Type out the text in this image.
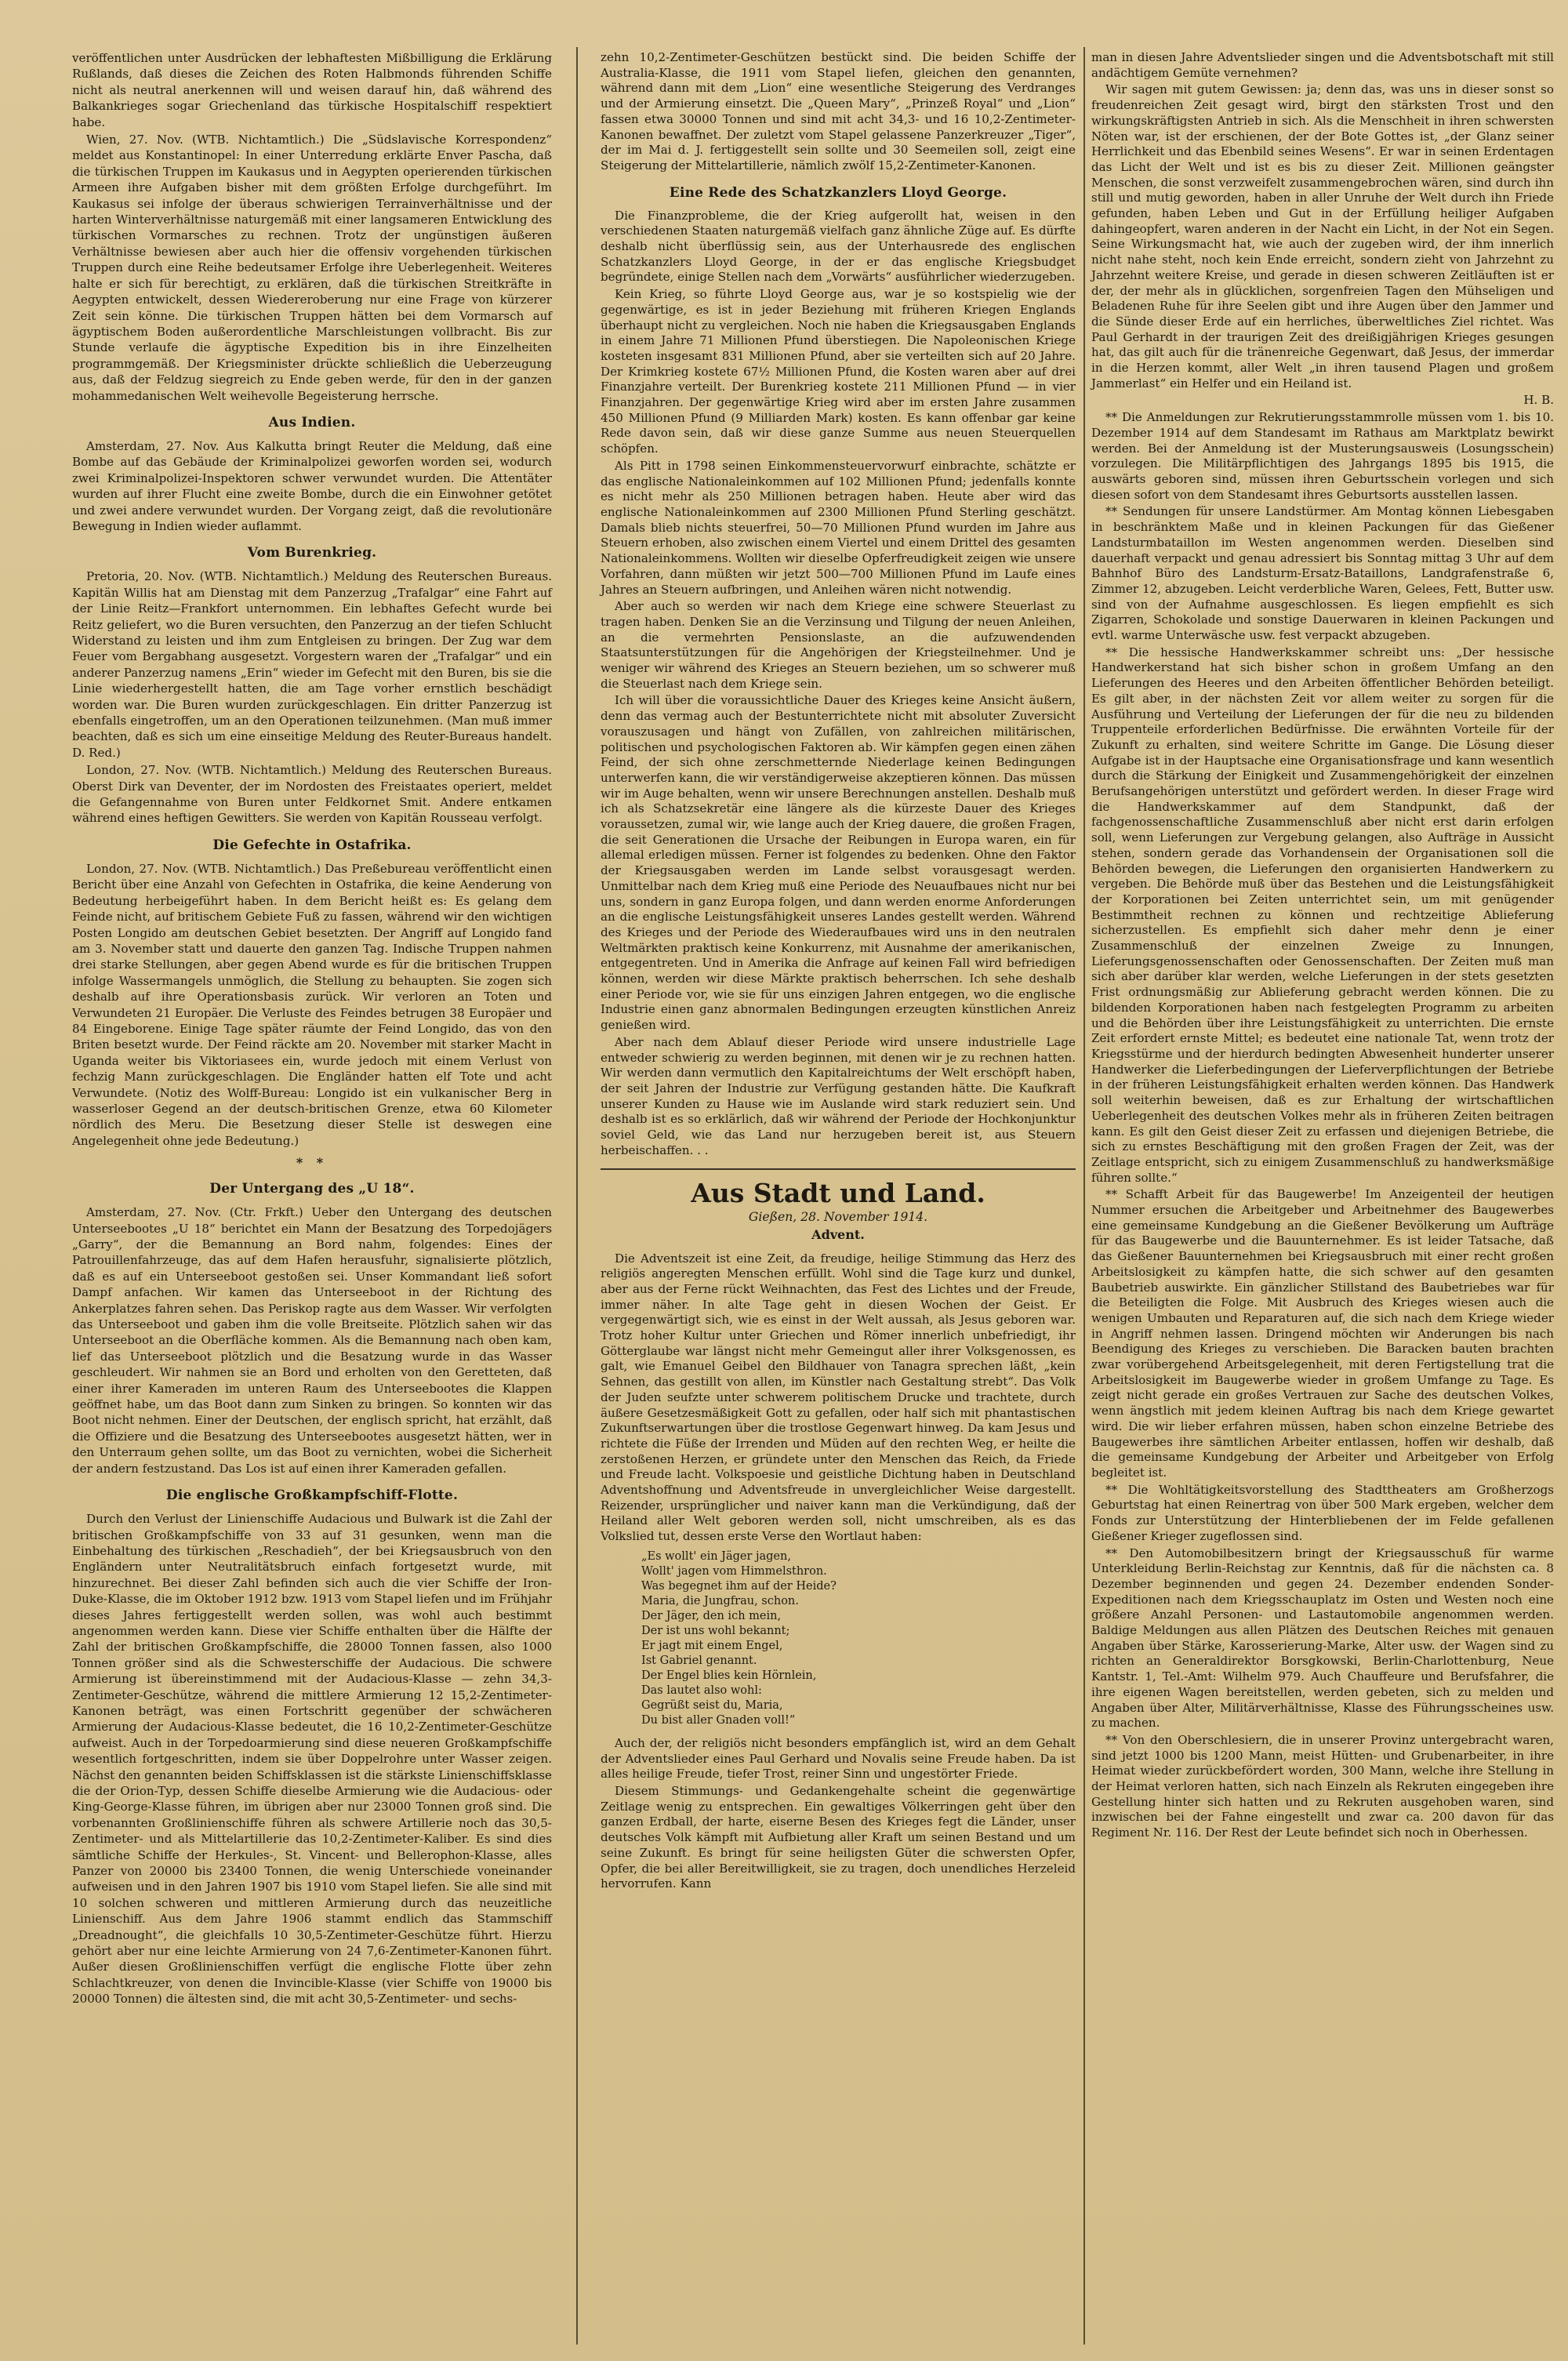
veröffentlichen unter Ausdrücken der lebhaftesten Mißbilligung die Erklärung Rußlands, daß dieses die Zeichen des Roten Halbmonds führenden Schiffe nicht als neutral anerkennen will und weisen darauf hin, daß während des Balkankrieges sogar Griechenland das türkische Hospitalschiff respektiert habe.

Wien, 27. Nov. (WTB. Nichtamtlich.) Die „Südslavische Korrespondenz“ meldet aus Konstantinopel: In einer Unterredung erklärte Enver Pascha, daß die türkischen Truppen im Kaukasus und in Aegypten operierenden türkischen Armeen ihre Aufgaben bisher mit dem größten Erfolge durchgeführt. Im Kaukasus sei infolge der überaus schwierigen Terrainverhältnisse und der harten Winterverhältnisse naturgemäß mit einer langsameren Entwicklung des türkischen Vormarsches zu rechnen. Trotz der ungünstigen äußeren Verhältnisse bewiesen aber auch hier die offensiv vorgehenden türkischen Truppen durch eine Reihe bedeutsamer Erfolge ihre Ueberlegenheit. Weiteres halte er sich für berechtigt, zu erklären, daß die türkischen Streitkräfte in Aegypten entwickelt, dessen Wiedereroberung nur eine Frage von kürzerer Zeit sein könne. Die türkischen Truppen hätten bei dem Vormarsch auf ägyptischem Boden außerordentliche Marschleistungen vollbracht. Bis zur Stunde verlaufe die ägyptische Expedition bis in ihre Einzelheiten programmgemäß. Der Kriegsminister drückte schließlich die Ueberzeugung aus, daß der Feldzug siegreich zu Ende geben werde, für den in der ganzen mohammedanischen Welt weihevolle Begeisterung herrsche.

Aus Indien.

Amsterdam, 27. Nov. Aus Kalkutta bringt Reuter die Meldung, daß eine Bombe auf das Gebäude der Kriminalpolizei geworfen worden sei, wodurch zwei Kriminalpolizei-Inspektoren schwer verwundet wurden. Die Attentäter wurden auf ihrer Flucht eine zweite Bombe, durch die ein Einwohner getötet und zwei andere verwundet wurden. Der Vorgang zeigt, daß die revolutionäre Bewegung in Indien wieder auflammt.

Vom Burenkrieg.

Pretoria, 20. Nov. (WTB. Nichtamtlich.) Meldung des Reuterschen Bureaus. Kapitän Willis hat am Dienstag mit dem Panzerzug „Trafalgar“ eine Fahrt auf der Linie Reitz—Frankfort unternommen. Ein lebhaftes Gefecht wurde bei Reitz geliefert, wo die Buren versuchten, den Panzerzug an der tiefen Schlucht Widerstand zu leisten und ihm zum Entgleisen zu bringen. Der Zug war dem Feuer vom Bergabhang ausgesetzt. Vorgestern waren der „Trafalgar“ und ein anderer Panzerzug namens „Erin“ wieder im Gefecht mit den Buren, bis sie die Linie wiederhergestellt hatten, die am Tage vorher ernstlich beschädigt worden war. Die Buren wurden zurückgeschlagen. Ein dritter Panzerzug ist ebenfalls eingetroffen, um an den Operationen teilzunehmen. (Man muß immer beachten, daß es sich um eine einseitige Meldung des Reuter-Bureaus handelt. D. Red.)

London, 27. Nov. (WTB. Nichtamtlich.) Meldung des Reuterschen Bureaus. Oberst Dirk van Deventer, der im Nordosten des Freistaates operiert, meldet die Gefangennahme von Buren unter Feldkornet Smit. Andere entkamen während eines heftigen Gewitters. Sie werden von Kapitän Rousseau verfolgt.

Die Gefechte in Ostafrika.

London, 27. Nov. (WTB. Nichtamtlich.) Das Preßebureau veröffentlicht einen Bericht über eine Anzahl von Gefechten in Ostafrika, die keine Aenderung von Bedeutung herbeigeführt haben. In dem Bericht heißt es: Es gelang dem Feinde nicht, auf britischem Gebiete Fuß zu fassen, während wir den wichtigen Posten Longido am deutschen Gebiet besetzten. Der Angriff auf Longido fand am 3. November statt und dauerte den ganzen Tag. Indische Truppen nahmen drei starke Stellungen, aber gegen Abend wurde es für die britischen Truppen infolge Wassermangels unmöglich, die Stellung zu behaupten. Sie zogen sich deshalb auf ihre Operationsbasis zurück. Wir verloren an Toten und Verwundeten 21 Europäer. Die Verluste des Feindes betrugen 38 Europäer und 84 Eingeborene. Einige Tage später räumte der Feind Longido, das von den Briten besetzt wurde. Der Feind räckte am 20. November mit starker Macht in Uganda weiter bis Viktoriasees ein, wurde jedoch mit einem Verlust von fechzig Mann zurückgeschlagen. Die Engländer hatten elf Tote und acht Verwundete. (Notiz des Wolff-Bureau: Longido ist ein vulkanischer Berg in wasserloser Gegend an der deutsch-britischen Grenze, etwa 60 Kilometer nördlich des Meru. Die Besetzung dieser Stelle ist deswegen eine Angelegenheit ohne jede Bedeutung.)

* *
Der Untergang des „U 18“.

Amsterdam, 27. Nov. (Ctr. Frkft.) Ueber den Untergang des deutschen Unterseebootes „U 18“ berichtet ein Mann der Besatzung des Torpedojägers „Garry“, der die Bemannung an Bord nahm, folgendes: Eines der Patrouillenfahrzeuge, das auf dem Hafen herausfuhr, signalisierte plötzlich, daß es auf ein Unterseeboot gestoßen sei. Unser Kommandant ließ sofort Dampf anfachen. Wir kamen das Unterseeboot in der Richtung des Ankerplatzes fahren sehen. Das Periskop ragte aus dem Wasser. Wir verfolgten das Unterseeboot und gaben ihm die volle Breitseite. Plötzlich sahen wir das Unterseeboot an die Oberfläche kommen. Als die Bemannung nach oben kam, lief das Unterseeboot plötzlich und die Besatzung wurde in das Wasser geschleudert. Wir nahmen sie an Bord und erholten von den Geretteten, daß einer ihrer Kameraden im unteren Raum des Unterseebootes die Klappen geöffnet habe, um das Boot dann zum Sinken zu bringen. So konnten wir das Boot nicht nehmen. Einer der Deutschen, der englisch spricht, hat erzählt, daß die Offiziere und die Besatzung des Unterseebootes ausgesetzt hätten, wer in den Unterraum gehen sollte, um das Boot zu vernichten, wobei die Sicherheit der andern festzustand. Das Los ist auf einen ihrer Kameraden gefallen.

Die englische Großkampfschiff-Flotte.

Durch den Verlust der Linienschiffe Audacious und Bulwark ist die Zahl der britischen Großkampfschiffe von 33 auf 31 gesunken, wenn man die Einbehaltung des türkischen „Reschadieh“, der bei Kriegsausbruch von den Engländern unter Neutralitätsbruch einfach fortgesetzt wurde, mit hinzurechnet. Bei dieser Zahl befinden sich auch die vier Schiffe der Iron-Duke-Klasse, die im Oktober 1912 bzw. 1913 vom Stapel liefen und im Frühjahr dieses Jahres fertiggestellt werden sollen, was wohl auch bestimmt angenommen werden kann. Diese vier Schiffe enthalten über die Hälfte der Zahl der britischen Großkampfschiffe, die 28000 Tonnen fassen, also 1000 Tonnen größer sind als die Schwesterschiffe der Audacious. Die schwere Armierung ist übereinstimmend mit der Audacious-Klasse — zehn 34,3-Zentimeter-Geschütze, während die mittlere Armierung 12 15,2-Zentimeter-Kanonen beträgt, was einen Fortschritt gegenüber der schwächeren Armierung der Audacious-Klasse bedeutet, die 16 10,2-Zentimeter-Geschütze aufweist. Auch in der Torpedoarmierung sind diese neueren Großkampfschiffe wesentlich fortgeschritten, indem sie über Doppelrohre unter Wasser zeigen. Nächst den genannten beiden Schiffsklassen ist die stärkste Linienschiffsklasse die der Orion-Typ, dessen Schiffe dieselbe Armierung wie die Audacious- oder King-George-Klasse führen, im übrigen aber nur 23000 Tonnen groß sind. Die vorbenannten Großlinienschiffe führen als schwere Artillerie noch das 30,5-Zentimeter- und als Mittelartillerie das 10,2-Zentimeter-Kaliber. Es sind dies sämtliche Schiffe der Herkules-, St. Vincent- und Bellerophon-Klasse, alles Panzer von 20000 bis 23400 Tonnen, die wenig Unterschiede voneinander aufweisen und in den Jahren 1907 bis 1910 vom Stapel liefen. Sie alle sind mit 10 solchen schweren und mittleren Armierung durch das neuzeitliche Linienschiff. Aus dem Jahre 1906 stammt endlich das Stammschiff „Dreadnought“, die gleichfalls 10 30,5-Zentimeter-Geschütze führt. Hierzu gehört aber nur eine leichte Armierung von 24 7,6-Zentimeter-Kanonen führt. Außer diesen Großlinienschiffen verfügt die englische Flotte über zehn Schlachtkreuzer, von denen die Invincible-Klasse (vier Schiffe von 19000 bis 20000 Tonnen) die ältesten sind, die mit acht 30,5-Zentimeter- und sechs-

zehn 10,2-Zentimeter-Geschützen bestückt sind. Die beiden Schiffe der Australia-Klasse, die 1911 vom Stapel liefen, gleichen den genannten, während dann mit dem „Lion“ eine wesentliche Steigerung des Verdranges und der Armierung einsetzt. Die „Queen Mary“, „Prinzeß Royal“ und „Lion“ fassen etwa 30000 Tonnen und sind mit acht 34,3- und 16 10,2-Zentimeter-Kanonen bewaffnet. Der zuletzt vom Stapel gelassene Panzerkreuzer „Tiger“, der im Mai d. J. fertiggestellt sein sollte und 30 Seemeilen soll, zeigt eine Steigerung der Mittelartillerie, nämlich zwölf 15,2-Zentimeter-Kanonen.

Eine Rede des Schatzkanzlers Lloyd George.

Die Finanzprobleme, die der Krieg aufgerollt hat, weisen in den verschiedenen Staaten naturgemäß vielfach ganz ähnliche Züge auf. Es dürfte deshalb nicht überflüssig sein, aus der Unterhausrede des englischen Schatzkanzlers Lloyd George, in der er das englische Kriegsbudget begründete, einige Stellen nach dem „Vorwärts“ ausführlicher wiederzugeben.

Kein Krieg, so führte Lloyd George aus, war je so kostspielig wie der gegenwärtige, es ist in jeder Beziehung mit früheren Kriegen Englands überhaupt nicht zu vergleichen. Noch nie haben die Kriegsausgaben Englands in einem Jahre 71 Millionen Pfund überstiegen. Die Napoleonischen Kriege kosteten insgesamt 831 Millionen Pfund, aber sie verteilten sich auf 20 Jahre. Der Krimkrieg kostete 67½ Millionen Pfund, die Kosten waren aber auf drei Finanzjahre verteilt. Der Burenkrieg kostete 211 Millionen Pfund — in vier Finanzjahren. Der gegenwärtige Krieg wird aber im ersten Jahre zusammen 450 Millionen Pfund (9 Milliarden Mark) kosten. Es kann offenbar gar keine Rede davon sein, daß wir diese ganze Summe aus neuen Steuerquellen schöpfen.

Als Pitt in 1798 seinen Einkommensteuervorwurf einbrachte, schätzte er das englische Nationaleinkommen auf 102 Millionen Pfund; jedenfalls konnte es nicht mehr als 250 Millionen betragen haben. Heute aber wird das englische Nationaleinkommen auf 2300 Millionen Pfund Sterling geschätzt. Damals blieb nichts steuerfrei, 50—70 Millionen Pfund wurden im Jahre aus Steuern erhoben, also zwischen einem Viertel und einem Drittel des gesamten Nationaleinkommens. Wollten wir dieselbe Opferfreudigkeit zeigen wie unsere Vorfahren, dann müßten wir jetzt 500—700 Millionen Pfund im Laufe eines Jahres an Steuern aufbringen, und Anleihen wären nicht notwendig.

Aber auch so werden wir nach dem Kriege eine schwere Steuerlast zu tragen haben. Denken Sie an die Verzinsung und Tilgung der neuen Anleihen, an die vermehrten Pensionslaste, an die aufzuwendenden Staatsunterstützungen für die Angehörigen der Kriegsteilnehmer. Und je weniger wir während des Krieges an Steuern beziehen, um so schwerer muß die Steuerlast nach dem Kriege sein.

Ich will über die voraussichtliche Dauer des Krieges keine Ansicht äußern, denn das vermag auch der Bestunterrichtete nicht mit absoluter Zuversicht vorauszusagen und hängt von Zufällen, von zahlreichen militärischen, politischen und psychologischen Faktoren ab. Wir kämpfen gegen einen zähen Feind, der sich ohne zerschmetternde Niederlage keinen Bedingungen unterwerfen kann, die wir verständigerweise akzeptieren können. Das müssen wir im Auge behalten, wenn wir unsere Berechnungen anstellen. Deshalb muß ich als Schatzsekretär eine längere als die kürzeste Dauer des Krieges voraussetzen, zumal wir, wie lange auch der Krieg dauere, die großen Fragen, die seit Generationen die Ursache der Reibungen in Europa waren, ein für allemal erledigen müssen. Ferner ist folgendes zu bedenken. Ohne den Faktor der Kriegsausgaben werden im Lande selbst vorausgesagt werden. Unmittelbar nach dem Krieg muß eine Periode des Neuaufbaues nicht nur bei uns, sondern in ganz Europa folgen, und dann werden enorme Anforderungen an die englische Leistungsfähigkeit unseres Landes gestellt werden. Während des Krieges und der Periode des Wiederaufbaues wird uns in den neutralen Weltmärkten praktisch keine Konkurrenz, mit Ausnahme der amerikanischen, entgegentreten. Und in Amerika die Anfrage auf keinen Fall wird befriedigen können, werden wir diese Märkte praktisch beherrschen. Ich sehe deshalb einer Periode vor, wie sie für uns einzigen Jahren entgegen, wo die englische Industrie einen ganz abnormalen Bedingungen erzeugten künstlichen Anreiz genießen wird.

Aber nach dem Ablauf dieser Periode wird unsere industrielle Lage entweder schwierig zu werden beginnen, mit denen wir je zu rechnen hatten. Wir werden dann vermutlich den Kapitalreichtums der Welt erschöpft haben, der seit Jahren der Industrie zur Verfügung gestanden hätte. Die Kaufkraft unserer Kunden zu Hause wie im Auslande wird stark reduziert sein. Und deshalb ist es so erklärlich, daß wir während der Periode der Hochkonjunktur soviel Geld, wie das Land nur herzugeben bereit ist, aus Steuern herbeischaffen. . .

Aus Stadt und Land.
Gießen, 28. November 1914.
Advent.

Die Adventszeit ist eine Zeit, da freudige, heilige Stimmung das Herz des religiös angeregten Menschen erfüllt. Wohl sind die Tage kurz und dunkel, aber aus der Ferne rückt Weihnachten, das Fest des Lichtes und der Freude, immer näher. In alte Tage geht in diesen Wochen der Geist. Er vergegenwärtigt sich, wie es einst in der Welt aussah, als Jesus geboren war. Trotz hoher Kultur unter Griechen und Römer innerlich unbefriedigt, ihr Götterglaube war längst nicht mehr Gemeingut aller ihrer Volksgenossen, es galt, wie Emanuel Geibel den Bildhauer von Tanagra sprechen läßt, „kein Sehnen, das gestillt von allen, im Künstler nach Gestaltung strebt“. Das Volk der Juden seufzte unter schwerem politischem Drucke und trachtete, durch äußere Gesetzesmäßigkeit Gott zu gefallen, oder half sich mit phantastischen Zukunftserwartungen über die trostlose Gegenwart hinweg. Da kam Jesus und richtete die Füße der Irrenden und Müden auf den rechten Weg, er heilte die zerstoßenen Herzen, er gründete unter den Menschen das Reich, da Friede und Freude lacht. Volkspoesie und geistliche Dichtung haben in Deutschland Adventshoffnung und Adventsfreude in unvergleichlicher Weise dargestellt. Reizender, ursprünglicher und naiver kann man die Verkündigung, daß der Heiland aller Welt geboren werden soll, nicht umschreiben, als es das Volkslied tut, dessen erste Verse den Wortlaut haben:

„Es wollt' ein Jäger jagen,
Wollt' jagen vom Himmelsthron.
Was begegnet ihm auf der Heide?
Maria, die Jungfrau, schon.
Der Jäger, den ich mein,
Der ist uns wohl bekannt;
Er jagt mit einem Engel,
Ist Gabriel genannt.
Der Engel blies kein Hörnlein,
Das lautet also wohl:
Gegrüßt seist du, Maria,
Du bist aller Gnaden voll!“

Auch der, der religiös nicht besonders empfänglich ist, wird an dem Gehalt der Adventslieder eines Paul Gerhard und Novalis seine Freude haben. Da ist alles heilige Freude, tiefer Trost, reiner Sinn und ungestörter Friede.

Diesem Stimmungs- und Gedankengehalte scheint die gegenwärtige Zeitlage wenig zu entsprechen. Ein gewaltiges Völkerringen geht über den ganzen Erdball, der harte, eiserne Besen des Krieges fegt die Länder, unser deutsches Volk kämpft mit Aufbietung aller Kraft um seinen Bestand und um seine Zukunft. Es bringt für seine heiligsten Güter die schwersten Opfer, Opfer, die bei aller Bereitwilligkeit, sie zu tragen, doch unendliches Herzeleid hervorrufen. Kann

man in diesen Jahre Adventslieder singen und die Adventsbotschaft mit still andächtigem Gemüte vernehmen?

Wir sagen mit gutem Gewissen: ja; denn das, was uns in dieser sonst so freudenreichen Zeit gesagt wird, birgt den stärksten Trost und den wirkungskräftigsten Antrieb in sich. Als die Menschheit in ihren schwersten Nöten war, ist der erschienen, der der Bote Gottes ist, „der Glanz seiner Herrlichkeit und das Ebenbild seines Wesens“. Er war in seinen Erdentagen das Licht der Welt und ist es bis zu dieser Zeit. Millionen geängster Menschen, die sonst verzweifelt zusammengebrochen wären, sind durch ihn still und mutig geworden, haben in aller Unruhe der Welt durch ihn Friede gefunden, haben Leben und Gut in der Erfüllung heiliger Aufgaben dahingeopfert, waren anderen in der Nacht ein Licht, in der Not ein Segen. Seine Wirkungsmacht hat, wie auch der zugeben wird, der ihm innerlich nicht nahe steht, noch kein Ende erreicht, sondern zieht von Jahrzehnt zu Jahrzehnt weitere Kreise, und gerade in diesen schweren Zeitläuften ist er der, der mehr als in glücklichen, sorgenfreien Tagen den Mühseligen und Beladenen Ruhe für ihre Seelen gibt und ihre Augen über den Jammer und die Sünde dieser Erde auf ein herrliches, überweltliches Ziel richtet. Was Paul Gerhardt in der traurigen Zeit des dreißigjährigen Krieges gesungen hat, das gilt auch für die tränenreiche Gegenwart, daß Jesus, der immerdar in die Herzen kommt, aller Welt „in ihren tausend Plagen und großem Jammerlast“ ein Helfer und ein Heiland ist.

H. B.

** Die Anmeldungen zur Rekrutierungsstammrolle müssen vom 1. bis 10. Dezember 1914 auf dem Standesamt im Rathaus am Marktplatz bewirkt werden. Bei der Anmeldung ist der Musterungsausweis (Losungsschein) vorzulegen. Die Militärpflichtigen des Jahrgangs 1895 bis 1915, die auswärts geboren sind, müssen ihren Geburtsschein vorlegen und sich diesen sofort von dem Standesamt ihres Geburtsorts ausstellen lassen.

** Sendungen für unsere Landstürmer. Am Montag können Liebesgaben in beschränktem Maße und in kleinen Packungen für das Gießener Landsturmbataillon im Westen angenommen werden. Dieselben sind dauerhaft verpackt und genau adressiert bis Sonntag mittag 3 Uhr auf dem Bahnhof Büro des Landsturm-Ersatz-Bataillons, Landgrafenstraße 6, Zimmer 12, abzugeben. Leicht verderbliche Waren, Gelees, Fett, Butter usw. sind von der Aufnahme ausgeschlossen. Es liegen empfiehlt es sich Zigarren, Schokolade und sonstige Dauerwaren in kleinen Packungen und evtl. warme Unterwäsche usw. fest verpackt abzugeben.

** Die hessische Handwerkskammer schreibt uns: „Der hessische Handwerkerstand hat sich bisher schon in großem Umfang an den Lieferungen des Heeres und den Arbeiten öffentlicher Behörden beteiligt. Es gilt aber, in der nächsten Zeit vor allem weiter zu sorgen für die Ausführung und Verteilung der Lieferungen der für die neu zu bildenden Truppenteile erforderlichen Bedürfnisse. Die erwähnten Vorteile für der Zukunft zu erhalten, sind weitere Schritte im Gange. Die Lösung dieser Aufgabe ist in der Hauptsache eine Organisationsfrage und kann wesentlich durch die Stärkung der Einigkeit und Zusammengehörigkeit der einzelnen Berufsangehörigen unterstützt und gefördert werden. In dieser Frage wird die Handwerkskammer auf dem Standpunkt, daß der fachgenossenschaftliche Zusammenschluß aber nicht erst darin erfolgen soll, wenn Lieferungen zur Vergebung gelangen, also Aufträge in Aussicht stehen, sondern gerade das Vorhandensein der Organisationen soll die Behörden bewegen, die Lieferungen den organisierten Handwerkern zu vergeben. Die Behörde muß über das Bestehen und die Leistungsfähigkeit der Korporationen bei Zeiten unterrichtet sein, um mit genügender Bestimmtheit rechnen zu können und rechtzeitige Ablieferung sicherzustellen. Es empfiehlt sich daher mehr denn je einer Zusammenschluß der einzelnen Zweige zu Innungen, Lieferungsgenossenschaften oder Genossenschaften. Der Zeiten muß man sich aber darüber klar werden, welche Lieferungen in der stets gesetzten Frist ordnungsmäßig zur Ablieferung gebracht werden können. Die zu bildenden Korporationen haben nach festgelegten Programm zu arbeiten und die Behörden über ihre Leistungsfähigkeit zu unterrichten. Die ernste Zeit erfordert ernste Mittel; es bedeutet eine nationale Tat, wenn trotz der Kriegsstürme und der hierdurch bedingten Abwesenheit hunderter unserer Handwerker die Lieferbedingungen der Lieferverpflichtungen der Betriebe in der früheren Leistungsfähigkeit erhalten werden können. Das Handwerk soll weiterhin beweisen, daß es zur Erhaltung der wirtschaftlichen Ueberlegenheit des deutschen Volkes mehr als in früheren Zeiten beitragen kann. Es gilt den Geist dieser Zeit zu erfassen und diejenigen Betriebe, die sich zu ernstes Beschäftigung mit den großen Fragen der Zeit, was der Zeitlage entspricht, sich zu einigem Zusammenschluß zu handwerksmäßige führen sollte.“

** Schafft Arbeit für das Baugewerbe! Im Anzeigenteil der heutigen Nummer ersuchen die Arbeitgeber und Arbeitnehmer des Baugewerbes eine gemeinsame Kundgebung an die Gießener Bevölkerung um Aufträge für das Baugewerbe und die Bauunternehmer. Es ist leider Tatsache, daß das Gießener Bauunternehmen bei Kriegsausbruch mit einer recht großen Arbeitslosigkeit zu kämpfen hatte, die sich schwer auf den gesamten Baubetrieb auswirkte. Ein gänzlicher Stillstand des Baubetriebes war für die Beteiligten die Folge. Mit Ausbruch des Krieges wiesen auch die wenigen Umbauten und Reparaturen auf, die sich nach dem Kriege wieder in Angriff nehmen lassen. Dringend möchten wir Anderungen bis nach Beendigung des Krieges zu verschieben. Die Baracken bauten brachten zwar vorübergehend Arbeitsgelegenheit, mit deren Fertigstellung trat die Arbeitslosigkeit im Baugewerbe wieder in großem Umfange zu Tage. Es zeigt nicht gerade ein großes Vertrauen zur Sache des deutschen Volkes, wenn ängstlich mit jedem kleinen Auftrag bis nach dem Kriege gewartet wird. Die wir lieber erfahren müssen, haben schon einzelne Betriebe des Baugewerbes ihre sämtlichen Arbeiter entlassen, hoffen wir deshalb, daß die gemeinsame Kundgebung der Arbeiter und Arbeitgeber von Erfolg begleitet ist.

** Die Wohltätigkeitsvorstellung des Stadttheaters am Großherzogs Geburtstag hat einen Reinertrag von über 500 Mark ergeben, welcher dem Fonds zur Unterstützung der Hinterbliebenen der im Felde gefallenen Gießener Krieger zugeflossen sind.

** Den Automobilbesitzern bringt der Kriegsausschuß für warme Unterkleidung Berlin-Reichstag zur Kenntnis, daß für die nächsten ca. 8 Dezember beginnenden und gegen 24. Dezember endenden Sonder-Expeditionen nach dem Kriegsschauplatz im Osten und Westen noch eine größere Anzahl Personen- und Lastautomobile angenommen werden. Baldige Meldungen aus allen Plätzen des Deutschen Reiches mit genauen Angaben über Stärke, Karosserierung-Marke, Alter usw. der Wagen sind zu richten an Generaldirektor Borsgkowski, Berlin-Charlottenburg, Neue Kantstr. 1, Tel.-Amt: Wilhelm 979. Auch Chauffeure und Berufsfahrer, die ihre eigenen Wagen bereitstellen, werden gebeten, sich zu melden und Angaben über Alter, Militärverhältnisse, Klasse des Führungsscheines usw. zu machen.

** Von den Oberschlesiern, die in unserer Provinz untergebracht waren, sind jetzt 1000 bis 1200 Mann, meist Hütten- und Grubenarbeiter, in ihre Heimat wieder zurückbefördert worden, 300 Mann, welche ihre Stellung in der Heimat verloren hatten, sich nach Einzeln als Rekruten eingegeben ihre Gestellung hinter sich hatten und zu Rekruten ausgehoben waren, sind inzwischen bei der Fahne eingestellt und zwar ca. 200 davon für das Regiment Nr. 116. Der Rest der Leute befindet sich noch in Oberhessen.
